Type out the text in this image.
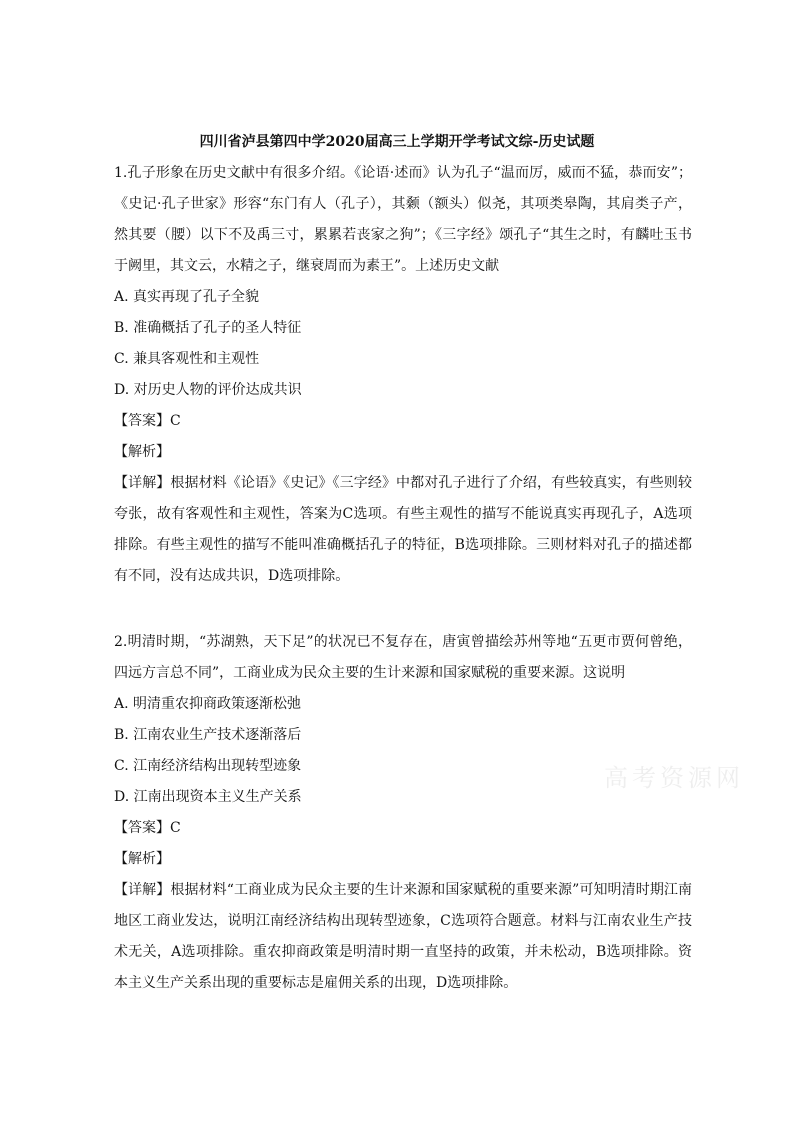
四川省泸县第四中学2020届高三上学期开学考试文综-历史试题

1.孔子形象在历史文献中有很多介绍。《论语·述而》认为孔子“温而厉，威而不猛，恭而安”；《史记·孔子世家》形容“东门有人（孔子），其颡（额头）似尧，其项类皋陶，其肩类子产，然其要（腰）以下不及禹三寸，累累若丧家之狗”；《三字经》颂孔子“其生之时，有麟吐玉书于阙里，其文云，水精之子，继衰周而为素王”。上述历史文献

A. 真实再现了孔子全貌

B. 准确概括了孔子的圣人特征

C. 兼具客观性和主观性

D. 对历史人物的评价达成共识

【答案】C

【解析】

【详解】根据材料《论语》《史记》《三字经》中都对孔子进行了介绍，有些较真实，有些则较夸张，故有客观性和主观性，答案为C选项。有些主观性的描写不能说真实再现孔子，A选项排除。有些主观性的描写不能叫准确概括孔子的特征，B选项排除。三则材料对孔子的描述都有不同，没有达成共识，D选项排除。

2.明清时期，“苏湖熟，天下足”的状况已不复存在，唐寅曾描绘苏州等地“五更市贾何曾绝，四远方言总不同”，工商业成为民众主要的生计来源和国家赋税的重要来源。这说明

A. 明清重农抑商政策逐渐松弛

B. 江南农业生产技术逐渐落后

C. 江南经济结构出现转型迹象

D. 江南出现资本主义生产关系

【答案】C

【解析】

【详解】根据材料“工商业成为民众主要的生计来源和国家赋税的重要来源”可知明清时期江南地区工商业发达，说明江南经济结构出现转型迹象，C选项符合题意。材料与江南农业生产技术无关，A选项排除。重农抑商政策是明清时期一直坚持的政策，并未松动，B选项排除。资本主义生产关系出现的重要标志是雇佣关系的出现，D选项排除。

高考资源网
